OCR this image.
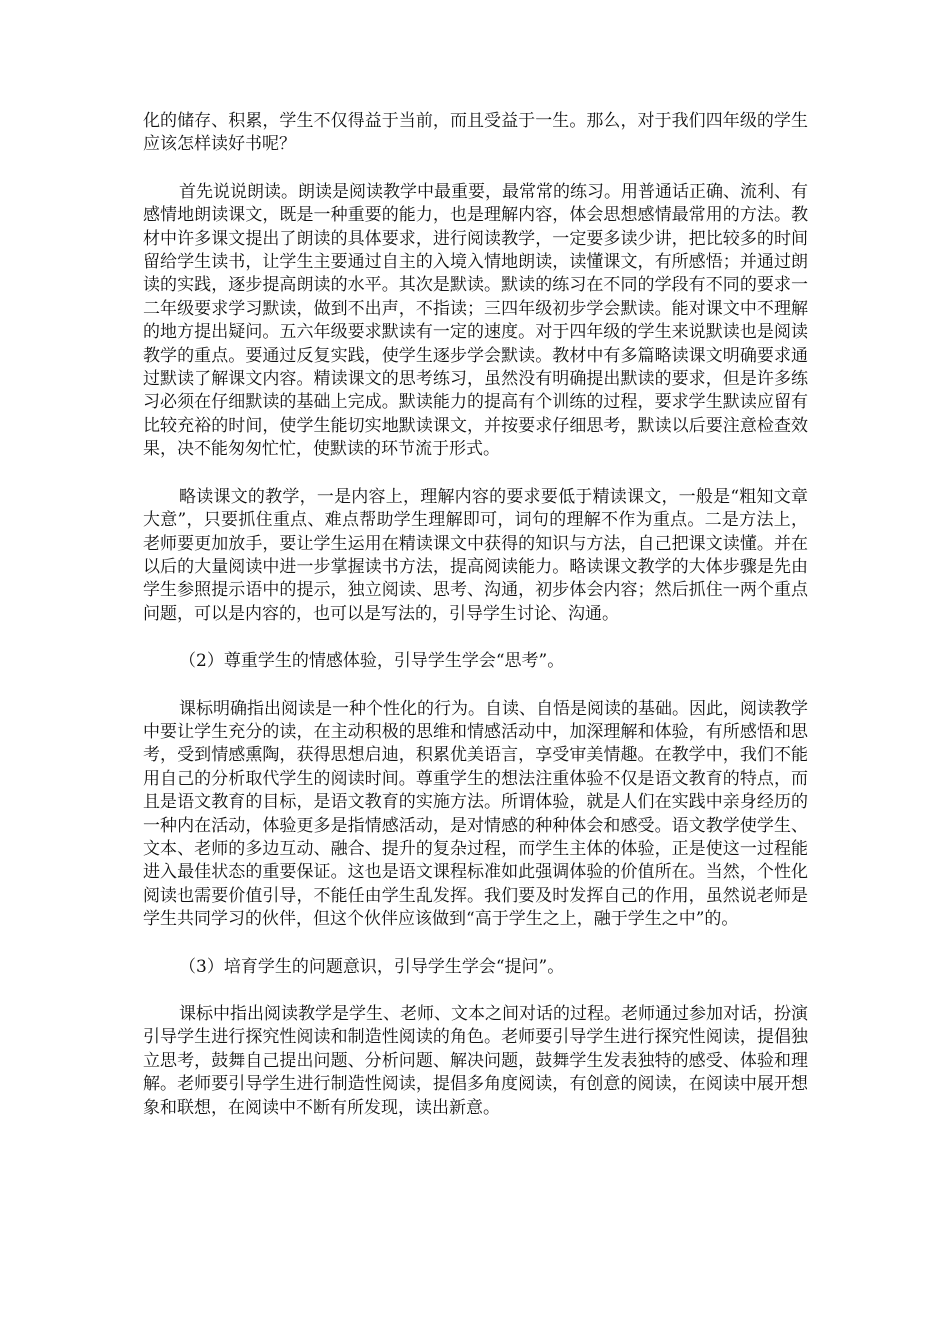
化的储存、积累，学生不仅得益于当前，而且受益于一生。那么，对于我们四年级的学生应该怎样读好书呢？

首先说说朗读。朗读是阅读教学中最重要，最常常的练习。用普通话正确、流利、有感情地朗读课文，既是一种重要的能力，也是理解内容，体会思想感情最常用的方法。教材中许多课文提出了朗读的具体要求，进行阅读教学，一定要多读少讲，把比较多的时间留给学生读书，让学生主要通过自主的入境入情地朗读，读懂课文，有所感悟；并通过朗读的实践，逐步提高朗读的水平。其次是默读。默读的练习在不同的学段有不同的要求一二年级要求学习默读，做到不出声，不指读；三四年级初步学会默读。能对课文中不理解的地方提出疑问。五六年级要求默读有一定的速度。对于四年级的学生来说默读也是阅读教学的重点。要通过反复实践，使学生逐步学会默读。教材中有多篇略读课文明确要求通过默读了解课文内容。精读课文的思考练习，虽然没有明确提出默读的要求，但是许多练习必须在仔细默读的基础上完成。默读能力的提高有个训练的过程，要求学生默读应留有比较充裕的时间，使学生能切实地默读课文，并按要求仔细思考，默读以后要注意检查效果，决不能匆匆忙忙，使默读的环节流于形式。

略读课文的教学，一是内容上，理解内容的要求要低于精读课文，一般是“粗知文章大意”，只要抓住重点、难点帮助学生理解即可，词句的理解不作为重点。二是方法上，老师要更加放手，要让学生运用在精读课文中获得的知识与方法，自己把课文读懂。并在以后的大量阅读中进一步掌握读书方法，提高阅读能力。略读课文教学的大体步骤是先由学生参照提示语中的提示，独立阅读、思考、沟通，初步体会内容；然后抓住一两个重点问题，可以是内容的，也可以是写法的，引导学生讨论、沟通。

（2）尊重学生的情感体验，引导学生学会“思考”。

课标明确指出阅读是一种个性化的行为。自读、自悟是阅读的基础。因此，阅读教学中要让学生充分的读，在主动积极的思维和情感活动中，加深理解和体验，有所感悟和思考，受到情感熏陶，获得思想启迪，积累优美语言，享受审美情趣。在教学中，我们不能用自己的分析取代学生的阅读时间。尊重学生的想法注重体验不仅是语文教育的特点，而且是语文教育的目标，是语文教育的实施方法。所谓体验，就是人们在实践中亲身经历的一种内在活动，体验更多是指情感活动，是对情感的种种体会和感受。语文教学使学生、文本、老师的多边互动、融合、提升的复杂过程，而学生主体的体验，正是使这一过程能进入最佳状态的重要保证。这也是语文课程标准如此强调体验的价值所在。当然，个性化阅读也需要价值引导，不能任由学生乱发挥。我们要及时发挥自己的作用，虽然说老师是学生共同学习的伙伴，但这个伙伴应该做到“高于学生之上，融于学生之中”的。

（3）培育学生的问题意识，引导学生学会“提问”。

课标中指出阅读教学是学生、老师、文本之间对话的过程。老师通过参加对话，扮演引导学生进行探究性阅读和制造性阅读的角色。老师要引导学生进行探究性阅读，提倡独立思考，鼓舞自己提出问题、分析问题、解决问题，鼓舞学生发表独特的感受、体验和理解。老师要引导学生进行制造性阅读，提倡多角度阅读，有创意的阅读，在阅读中展开想象和联想，在阅读中不断有所发现，读出新意。
